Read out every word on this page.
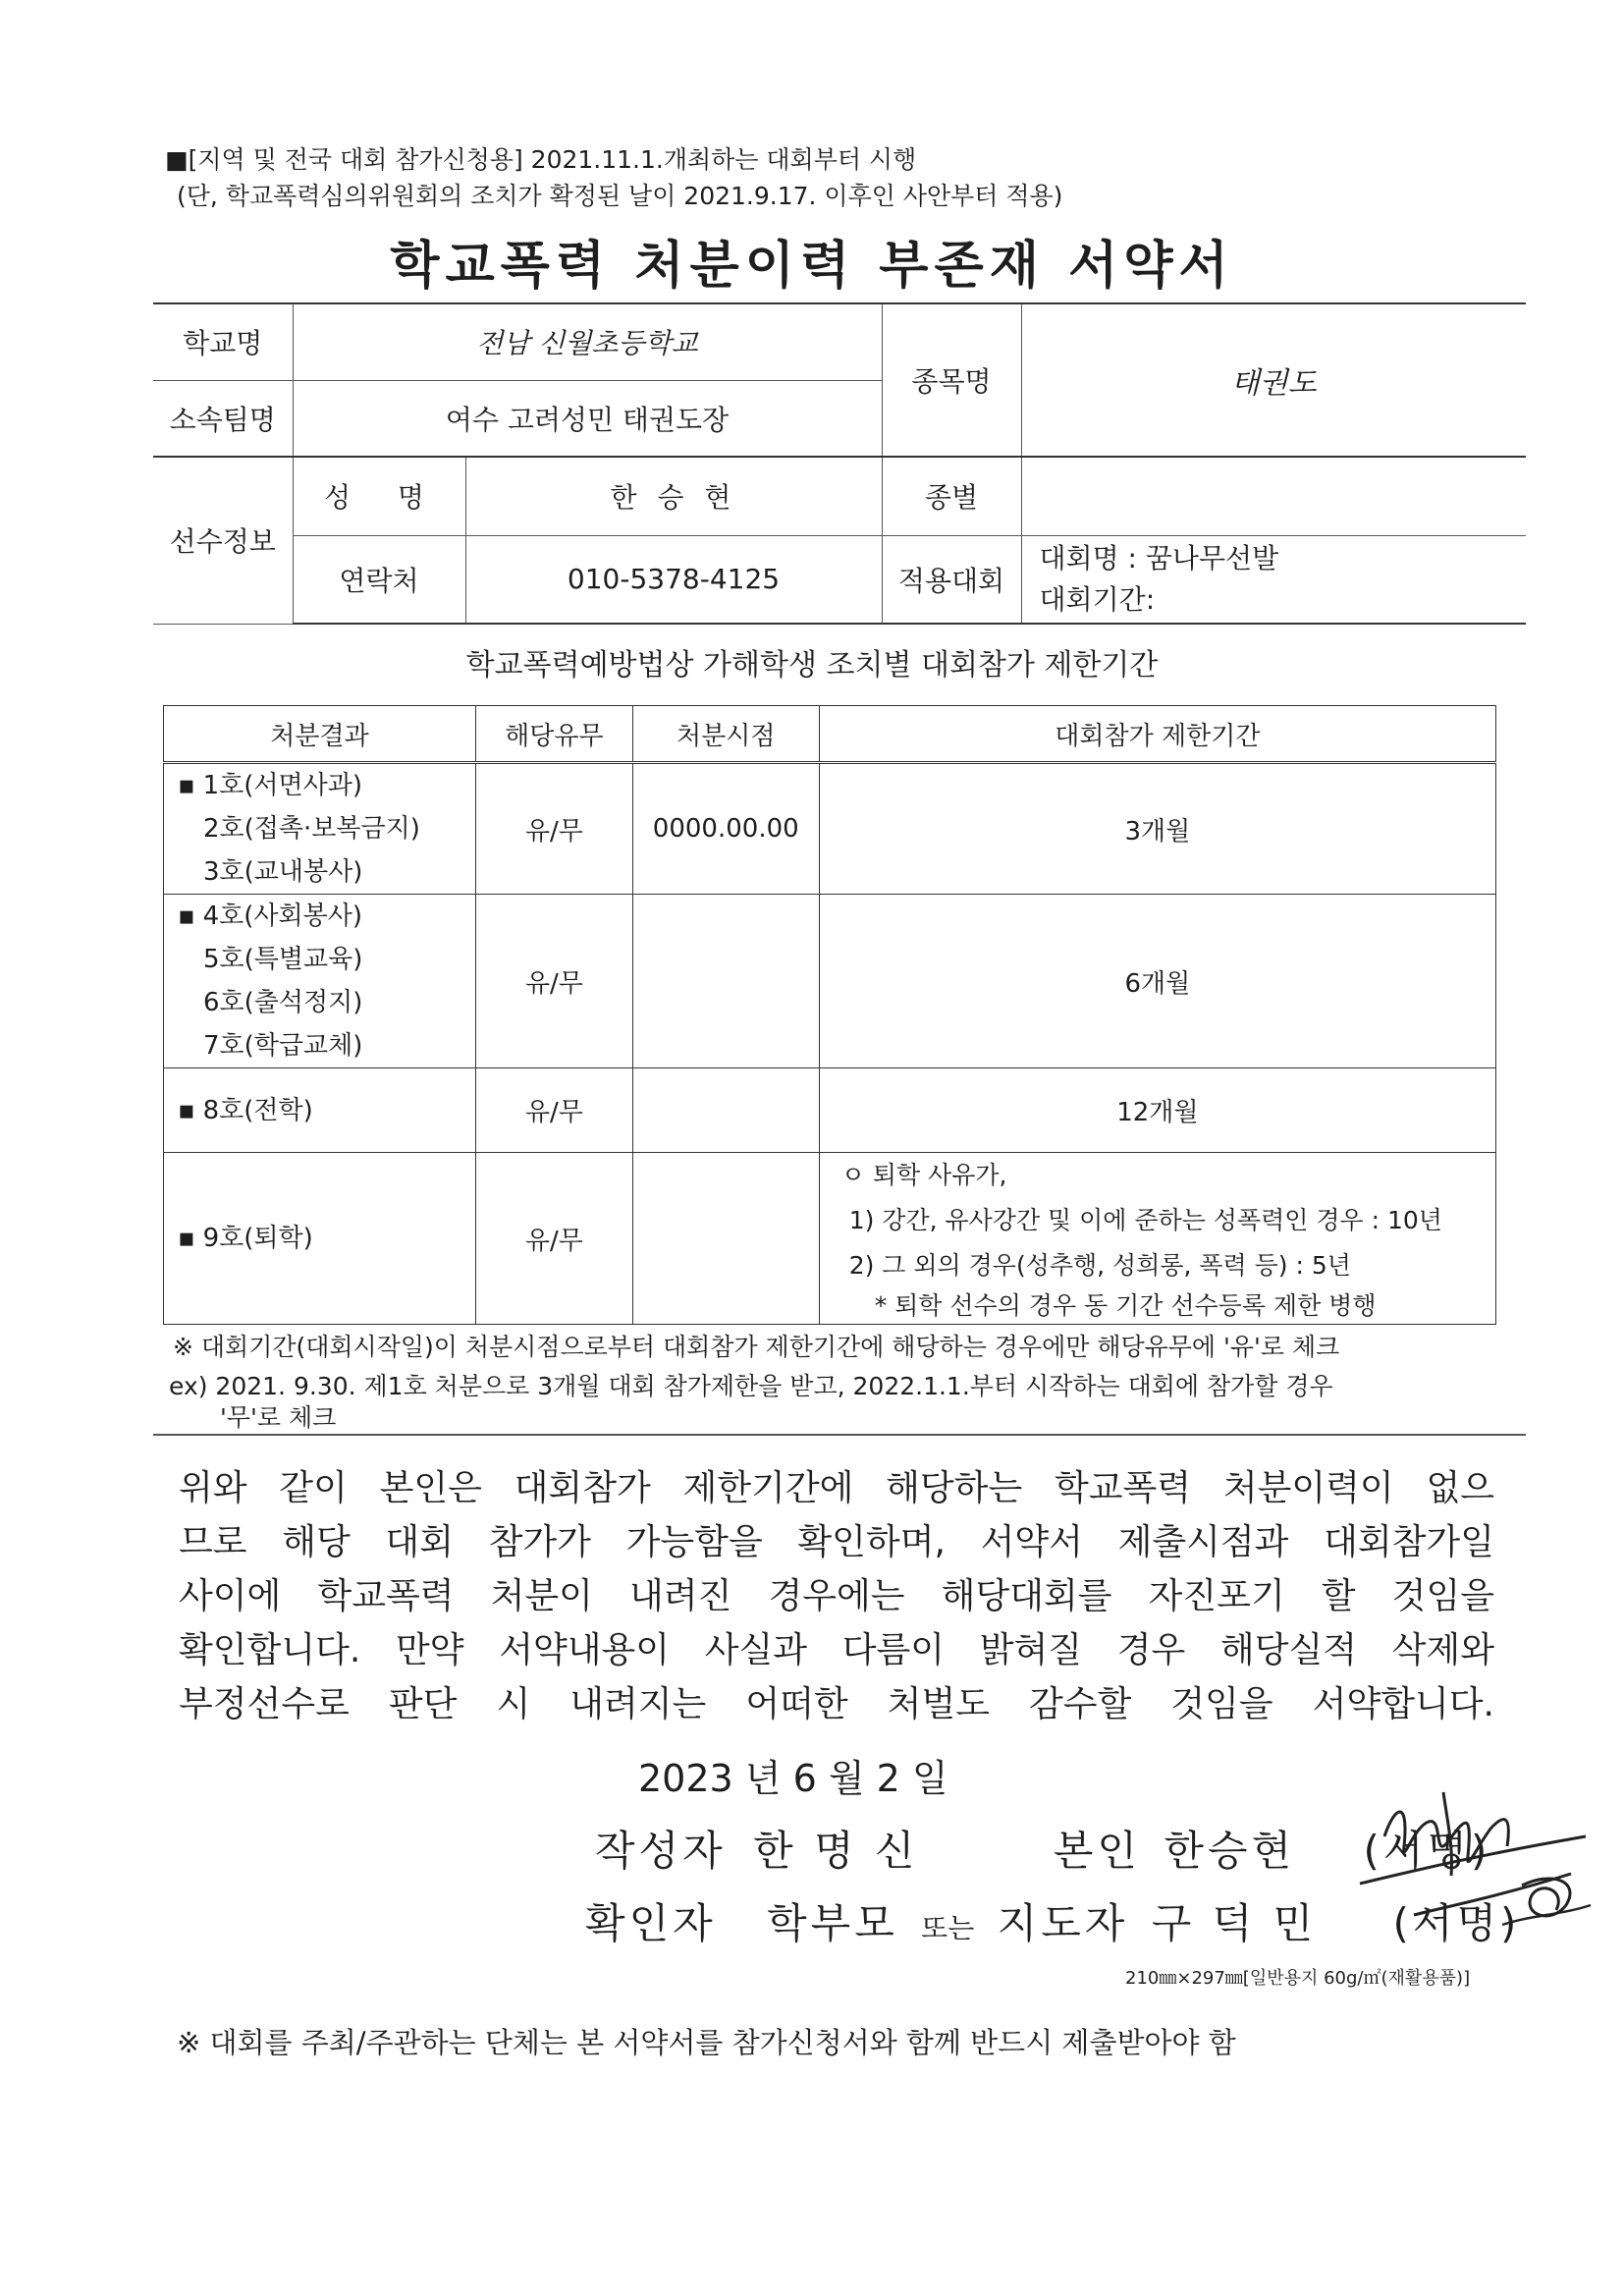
■[지역 및 전국 대회 참가신청용] 2021.11.1.개최하는 대회부터 시행
(단, 학교폭력심의위원회의 조치가 확정된 날이 2021.9.17. 이후인 사안부터 적용)
학교폭력 처분이력 부존재 서약서
학교명	전남 신월초등학교		종목명	태권도
소속팀명	여수 고려성민 태권도장			
선수정보	성  명	한 승 현	종별	
	연락처	010-5378-4125	적용대회	대회명 : 꿈나무선발
대회기간:
학교폭력예방법상 가해학생 조치별 대회참가 제한기간
처분결과	해당유무	처분시점	대회참가 제한기간

▪ 1호(서면사과)
2호(접촉·보복금지)
3호(교내봉사)	유/무	0000.00.00	3개월

▪ 4호(사회봉사)
5호(특별교육)
6호(출석정지)
7호(학급교체)	유/무		6개월

▪ 8호(전학)	유/무		12개월

▪ 9호(퇴학)	유/무		ㅇ 퇴학 사유가,
1) 강간, 유사강간 및 이에 준하는 성폭력인 경우 : 10년
2) 그 외의 경우(성추행, 성희롱, 폭력 등) : 5년
* 퇴학 선수의 경우 동 기간 선수등록 제한 병행
※ 대회기간(대회시작일)이 처분시점으로부터 대회참가 제한기간에 해당하는 경우에만 해당유무에 '유'로 체크
ex) 2021. 9.30. 제1호 처분으로 3개월 대회 참가제한을 받고, 2022.1.1.부터 시작하는 대회에 참가할 경우
'무'로 체크
위와 같이 본인은 대회참가 제한기간에 해당하는 학교폭력 처분이력이 없으
므로 해당 대회 참가가 가능함을 확인하며, 서약서 제출시점과 대회참가일
사이에 학교폭력 처분이 내려진 경우에는 해당대회를 자진포기 할 것임을
확인합니다. 만약 서약내용이 사실과 다름이 밝혀질 경우 해당실적 삭제와
부정선수로 판단 시 내려지는 어떠한 처벌도 감수할 것임을 서약합니다.
2023 년 6 월 2 일
작성자 한 명 신	본인 한승현 (서명)
확인자 학부모 또는 지도자 구 덕 민 (서명)
210㎜×297㎜[일반용지 60g/㎡(재활용품)]
※ 대회를 주최/주관하는 단체는 본 서약서를 참가신청서와 함께 반드시 제출받아야 함
